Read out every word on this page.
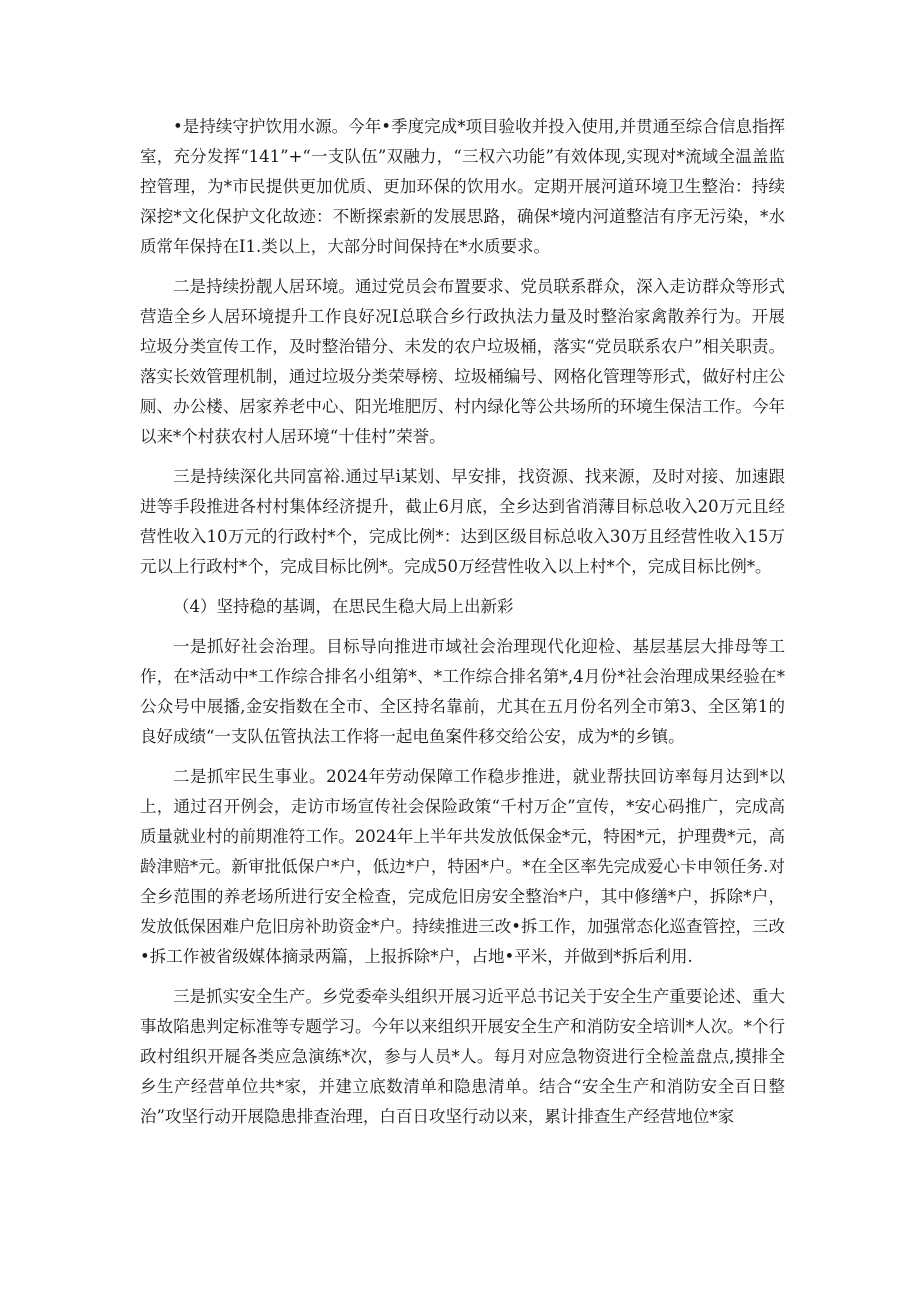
•是持续守护饮用水源。今年•季度完成*项目验收并投入使用,并贯通至综合信息指挥室，充分发挥“141”+“一支队伍”双融力，“三权六功能”有效体现,实现对*流域全温盖监控管理，为*市民提供更加优质、更加环保的饮用水。定期开展河道环境卫生整治：持续深挖*文化保护文化故迹：不断探索新的发展思路，确保*境内河道整洁有序无污染，*水质常年保持在I1.类以上，大部分时间保持在*水质要求。

二是持续扮靓人居环境。通过党员会布置要求、党员联系群众，深入走访群众等形式营造全乡人居环境提升工作良好况I总联合乡行政执法力量及时整治家禽散养行为。开展垃圾分类宣传工作，及时整治错分、未发的农户垃圾桶，落实“党员联系农户”相关职责。落实长效管理机制，通过垃圾分类荣辱榜、垃圾桶编号、网格化管理等形式，做好村庄公厕、办公楼、居家养老中心、阳光堆肥厉、村内绿化等公共场所的环境生保洁工作。今年以来*个村获农村人居环境“十佳村”荣誉。

三是持续深化共同富裕.通过早i某划、早安排，找资源、找来源，及时对接、加速跟进等手段推进各村村集体经济提升，截止6月底，全乡达到省消薄目标总收入20万元且经营性收入10万元的行政村*个，完成比例*：达到区级目标总收入30万且经营性收入15万元以上行政村*个，完成目标比例*。完成50万经营性收入以上村*个，完成目标比例*。

（4）坚持稳的基调，在思民生稳大局上出新彩

一是抓好社会治理。目标导向推进市域社会治理现代化迎检、基层基层大排母等工作，在*活动中*工作综合排名小组第*、*工作综合排名第*,4月份*社会治理成果经验在*公众号中展播,金安指数在全市、全区持名靠前，尤其在五月份名列全市第3、全区第1的良好成绩“一支队伍管执法工作将一起电鱼案件移交给公安，成为*的乡镇。

二是抓牢民生事业。2024年劳动保障工作稳步推进，就业帮扶回访率每月达到*以上，通过召开例会，走访市场宣传社会保险政策“千村万企”宣传，*安心码推广，完成高质量就业村的前期准符工作。2024年上半年共发放低保金*元，特困*元，护理费*元，高龄津赔*元。新审批低保户*户，低边*户，特困*户。*在全区率先完成爱心卡申领任务.对全乡范围的养老场所进行安全检查，完成危旧房安全整治*户，其中修缮*户，拆除*户，发放低保困难户危旧房补助资金*户。持续推进三改•拆工作，加强常态化巡查管控，三改•拆工作被省级媒体摘录两篇，上报拆除*户，占地•平米，并做到*拆后利用.

三是抓实安全生产。乡党委牵头组织开展习近平总书记关于安全生产重要论述、重大事故陷患判定标准等专题学习。今年以来组织开展安全生产和消防安全培训*人次。*个行政村组织开屣各类应急演练*次，参与人员*人。每月对应急物资进行全检盖盘点,摸排全乡生产经营单位共*家，并建立底数清单和隐患清单。结合“安全生产和消防安全百日整治”攻坚行动开展隐患排查治理，白百日攻坚行动以来，累计排查生产经营地位*家
